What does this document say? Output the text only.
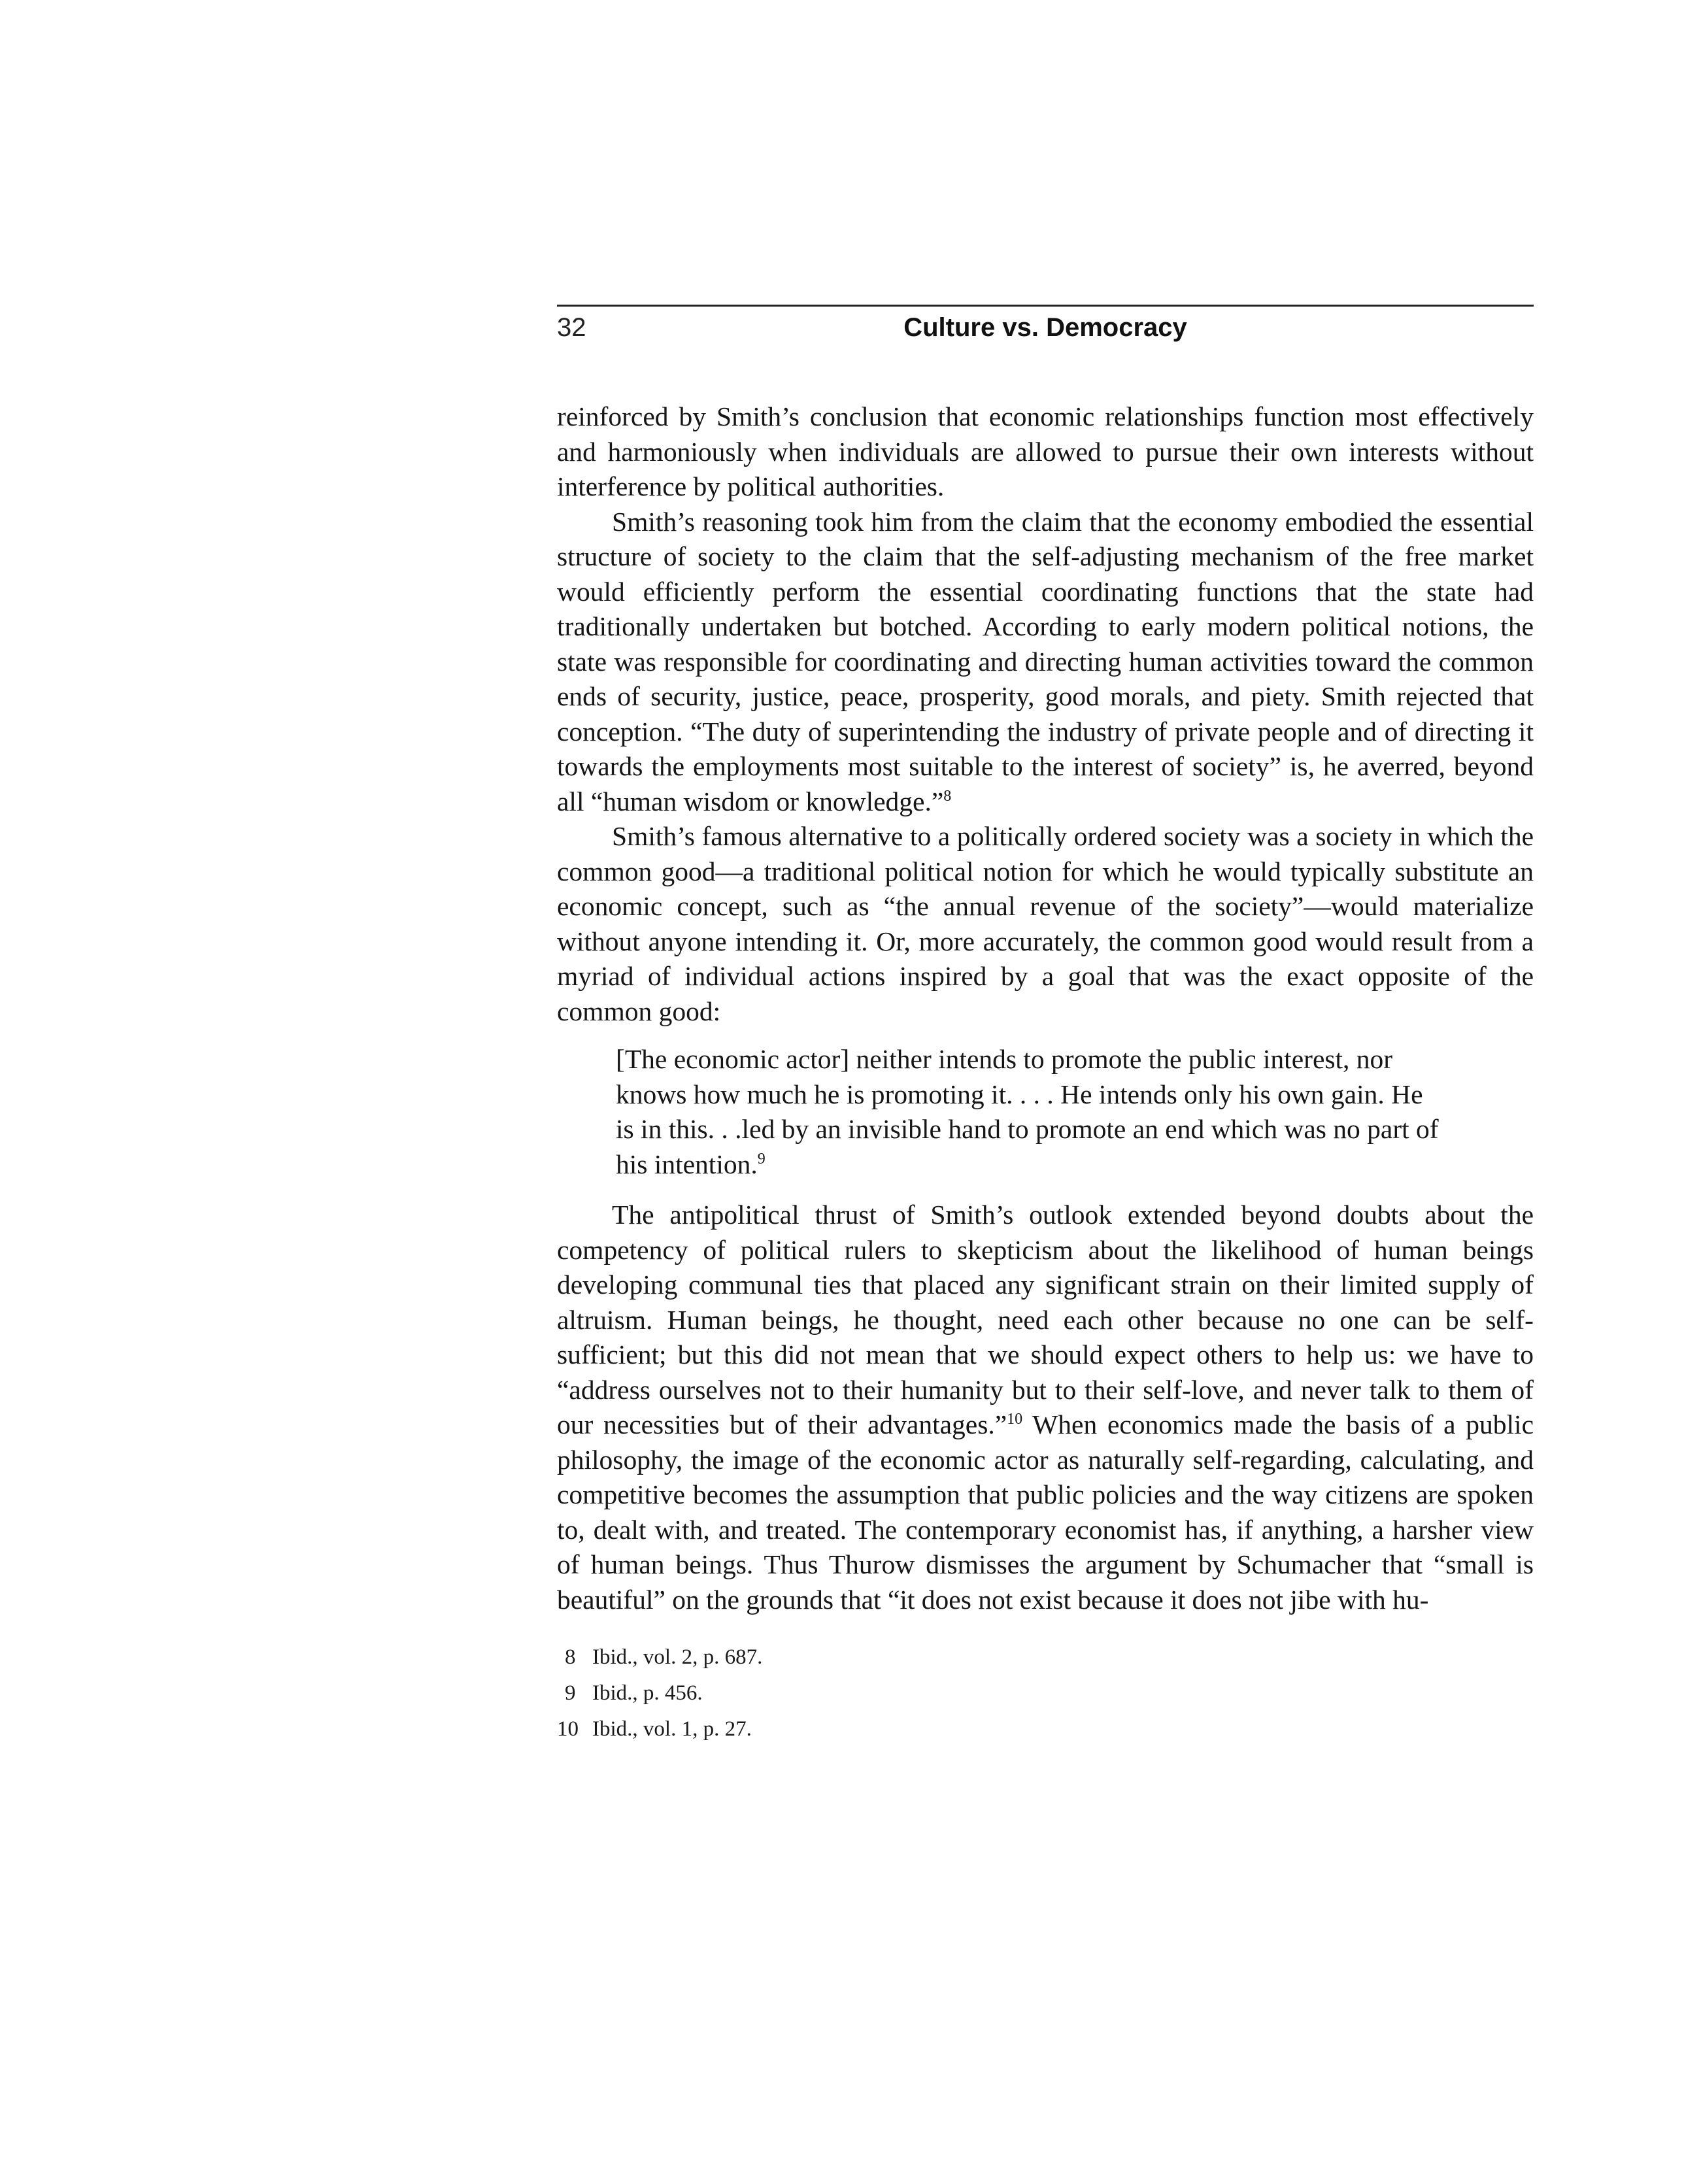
32	Culture vs. Democracy

reinforced by Smith’s conclusion that economic relationships function most effectively and harmoniously when individuals are allowed to pursue their own interests without interference by political authorities.

Smith’s reasoning took him from the claim that the economy embodied the essential structure of society to the claim that the self-adjusting mechanism of the free market would efficiently perform the essential coordinating functions that the state had traditionally undertaken but botched. According to early modern political notions, the state was responsible for coordinating and directing human activities toward the common ends of security, justice, peace, prosperity, good morals, and piety. Smith rejected that conception. “The duty of superintending the industry of private people and of directing it towards the employments most suitable to the interest of society” is, he averred, beyond all “human wisdom or knowledge.”$^8$

Smith’s famous alternative to a politically ordered society was a society in which the common good—a traditional political notion for which he would typically substitute an economic concept, such as “the annual revenue of the society”—would materialize without anyone intending it. Or, more accurately, the common good would result from a myriad of individual actions inspired by a goal that was the exact opposite of the common good:

[The economic actor] neither intends to promote the public interest, nor knows how much he is promoting it. . . . He intends only his own gain. He is in this. . .led by an invisible hand to promote an end which was no part of his intention.$^9$

The antipolitical thrust of Smith’s outlook extended beyond doubts about the competency of political rulers to skepticism about the likelihood of human beings developing communal ties that placed any significant strain on their limited supply of altruism. Human beings, he thought, need each other because no one can be self-sufficient; but this did not mean that we should expect others to help us: we have to “address ourselves not to their humanity but to their self-love, and never talk to them of our necessities but of their advantages.”$^{10}$ When economics made the basis of a public philosophy, the image of the economic actor as naturally self-regarding, calculating, and competitive becomes the assumption that public policies and the way citizens are spoken to, dealt with, and treated. The contemporary economist has, if anything, a harsher view of human beings. Thus Thurow dismisses the argument by Schumacher that “small is beautiful” on the grounds that “it does not exist because it does not jibe with hu-

8 Ibid., vol. 2, p. 687.
9 Ibid., p. 456.
10 Ibid., vol. 1, p. 27.
